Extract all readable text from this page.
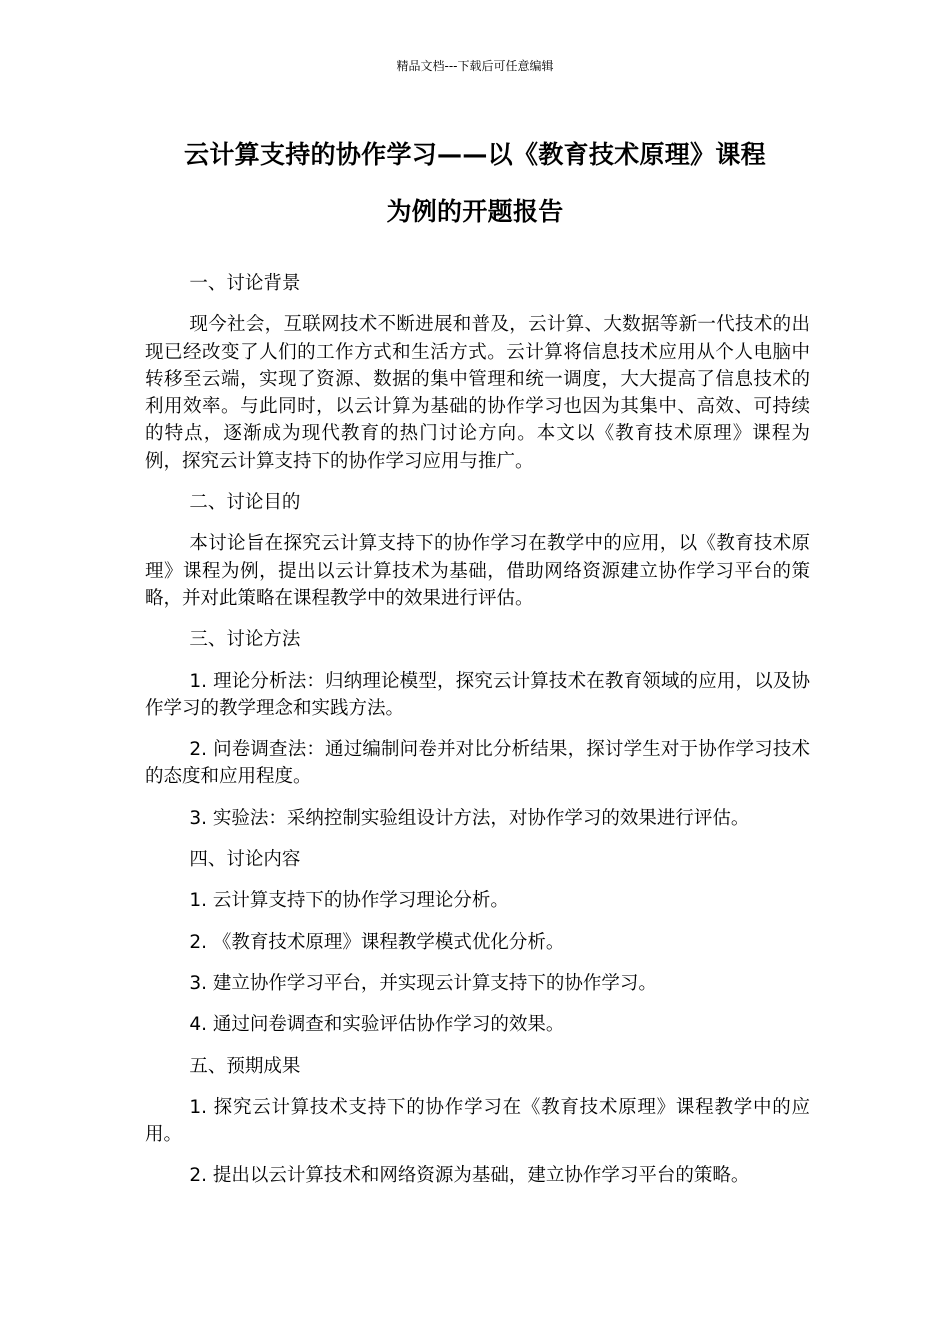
精品文档---下载后可任意编辑
云计算支持的协作学习——以《教育技术原理》课程
为例的开题报告

一、讨论背景

现今社会，互联网技术不断进展和普及，云计算、大数据等新一代技术的出现已经改变了人们的工作方式和生活方式。云计算将信息技术应用从个人电脑中转移至云端，实现了资源、数据的集中管理和统一调度，大大提高了信息技术的利用效率。与此同时，以云计算为基础的协作学习也因为其集中、高效、可持续的特点，逐渐成为现代教育的热门讨论方向。本文以《教育技术原理》课程为例，探究云计算支持下的协作学习应用与推广。

二、讨论目的

本讨论旨在探究云计算支持下的协作学习在教学中的应用，以《教育技术原理》课程为例，提出以云计算技术为基础，借助网络资源建立协作学习平台的策略，并对此策略在课程教学中的效果进行评估。

三、讨论方法

1. 理论分析法：归纳理论模型，探究云计算技术在教育领域的应用，以及协作学习的教学理念和实践方法。

2. 问卷调查法：通过编制问卷并对比分析结果，探讨学生对于协作学习技术的态度和应用程度。

3. 实验法：采纳控制实验组设计方法，对协作学习的效果进行评估。

四、讨论内容

1. 云计算支持下的协作学习理论分析。

2. 《教育技术原理》课程教学模式优化分析。

3. 建立协作学习平台，并实现云计算支持下的协作学习。

4. 通过问卷调查和实验评估协作学习的效果。

五、预期成果

1. 探究云计算技术支持下的协作学习在《教育技术原理》课程教学中的应用。

2. 提出以云计算技术和网络资源为基础，建立协作学习平台的策略。
